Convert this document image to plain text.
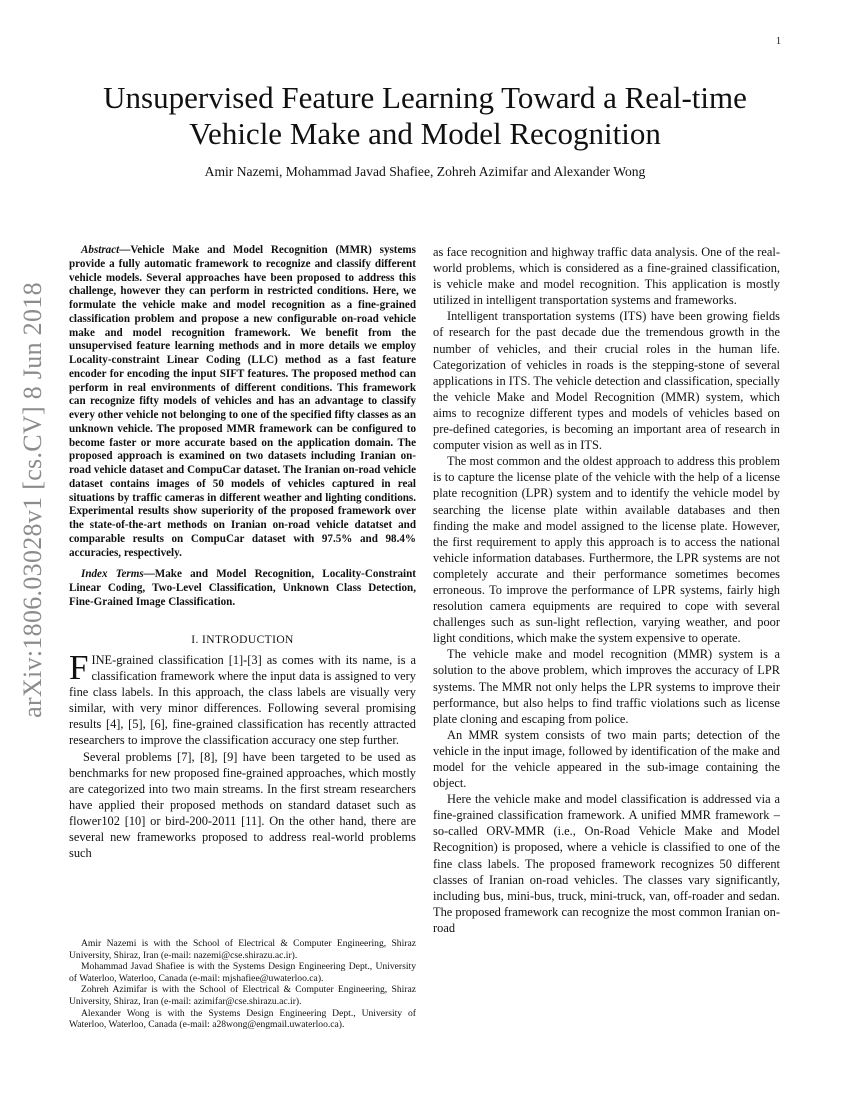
1
arXiv:1806.03028v1 [cs.CV] 8 Jun 2018
Unsupervised Feature Learning Toward a Real-time
Vehicle Make and Model Recognition
Amir Nazemi, Mohammad Javad Shafiee, Zohreh Azimifar and Alexander Wong

Abstract—Vehicle Make and Model Recognition (MMR) systems provide a fully automatic framework to recognize and classify different vehicle models. Several approaches have been proposed to address this challenge, however they can perform in restricted conditions. Here, we formulate the vehicle make and model recognition as a fine-grained classification problem and propose a new configurable on-road vehicle make and model recognition framework. We benefit from the unsupervised feature learning methods and in more details we employ Locality-constraint Linear Coding (LLC) method as a fast feature encoder for encoding the input SIFT features. The proposed method can perform in real environments of different conditions. This framework can recognize fifty models of vehicles and has an advantage to classify every other vehicle not belonging to one of the specified fifty classes as an unknown vehicle. The proposed MMR framework can be configured to become faster or more accurate based on the application domain. The proposed approach is examined on two datasets including Iranian on-road vehicle dataset and CompuCar dataset. The Iranian on-road vehicle dataset contains images of 50 models of vehicles captured in real situations by traffic cameras in different weather and lighting conditions. Experimental results show superiority of the proposed framework over the state-of-the-art methods on Iranian on-road vehicle datatset and comparable results on CompuCar dataset with 97.5% and 98.4% accuracies, respectively.

Index Terms—Make and Model Recognition, Locality-Constraint Linear Coding, Two-Level Classification, Unknown Class Detection, Fine-Grained Image Classification.

I. INTRODUCTION

FINE-grained classification [1]-[3] as comes with its name, is a classification framework where the input data is assigned to very fine class labels. In this approach, the class labels are visually very similar, with very minor differences. Following several promising results [4], [5], [6], fine-grained classification has recently attracted researchers to improve the classification accuracy one step further.

Several problems [7], [8], [9] have been targeted to be used as benchmarks for new proposed fine-grained approaches, which mostly are categorized into two main streams. In the first stream researchers have applied their proposed methods on standard dataset such as flower102 [10] or bird-200-2011 [11]. On the other hand, there are several new frameworks proposed to address real-world problems such

Amir Nazemi is with the School of Electrical & Computer Engineering, Shiraz University, Shiraz, Iran (e-mail: nazemi@cse.shirazu.ac.ir).

Mohammad Javad Shafiee is with the Systems Design Engineering Dept., University of Waterloo, Waterloo, Canada (e-mail: mjshafiee@uwaterloo.ca).

Zohreh Azimifar is with the School of Electrical & Computer Engineering, Shiraz University, Shiraz, Iran (e-mail: azimifar@cse.shirazu.ac.ir).

Alexander Wong is with the Systems Design Engineering Dept., University of Waterloo, Waterloo, Canada (e-mail: a28wong@engmail.uwaterloo.ca).

as face recognition and highway traffic data analysis. One of the real-world problems, which is considered as a fine-grained classification, is vehicle make and model recognition. This application is mostly utilized in intelligent transportation systems and frameworks.

Intelligent transportation systems (ITS) have been growing fields of research for the past decade due the tremendous growth in the number of vehicles, and their crucial roles in the human life. Categorization of vehicles in roads is the stepping-stone of several applications in ITS. The vehicle detection and classification, specially the vehicle Make and Model Recognition (MMR) system, which aims to recognize different types and models of vehicles based on pre-defined categories, is becoming an important area of research in computer vision as well as in ITS.

The most common and the oldest approach to address this problem is to capture the license plate of the vehicle with the help of a license plate recognition (LPR) system and to identify the vehicle model by searching the license plate within available databases and then finding the make and model assigned to the license plate. However, the first requirement to apply this approach is to access the national vehicle information databases. Furthermore, the LPR systems are not completely accurate and their performance sometimes becomes erroneous. To improve the performance of LPR systems, fairly high resolution camera equipments are required to cope with several challenges such as sun-light reflection, varying weather, and poor light conditions, which make the system expensive to operate.

The vehicle make and model recognition (MMR) system is a solution to the above problem, which improves the accuracy of LPR systems. The MMR not only helps the LPR systems to improve their performance, but also helps to find traffic violations such as license plate cloning and escaping from police.

An MMR system consists of two main parts; detection of the vehicle in the input image, followed by identification of the make and model for the vehicle appeared in the sub-image containing the object.

Here the vehicle make and model classification is addressed via a fine-grained classification framework. A unified MMR framework – so-called ORV-MMR (i.e., On-Road Vehicle Make and Model Recognition) is proposed, where a vehicle is classified to one of the fine class labels. The proposed framework recognizes 50 different classes of Iranian on-road vehicles. The classes vary significantly, including bus, mini-bus, truck, mini-truck, van, off-roader and sedan. The proposed framework can recognize the most common Iranian on-road
